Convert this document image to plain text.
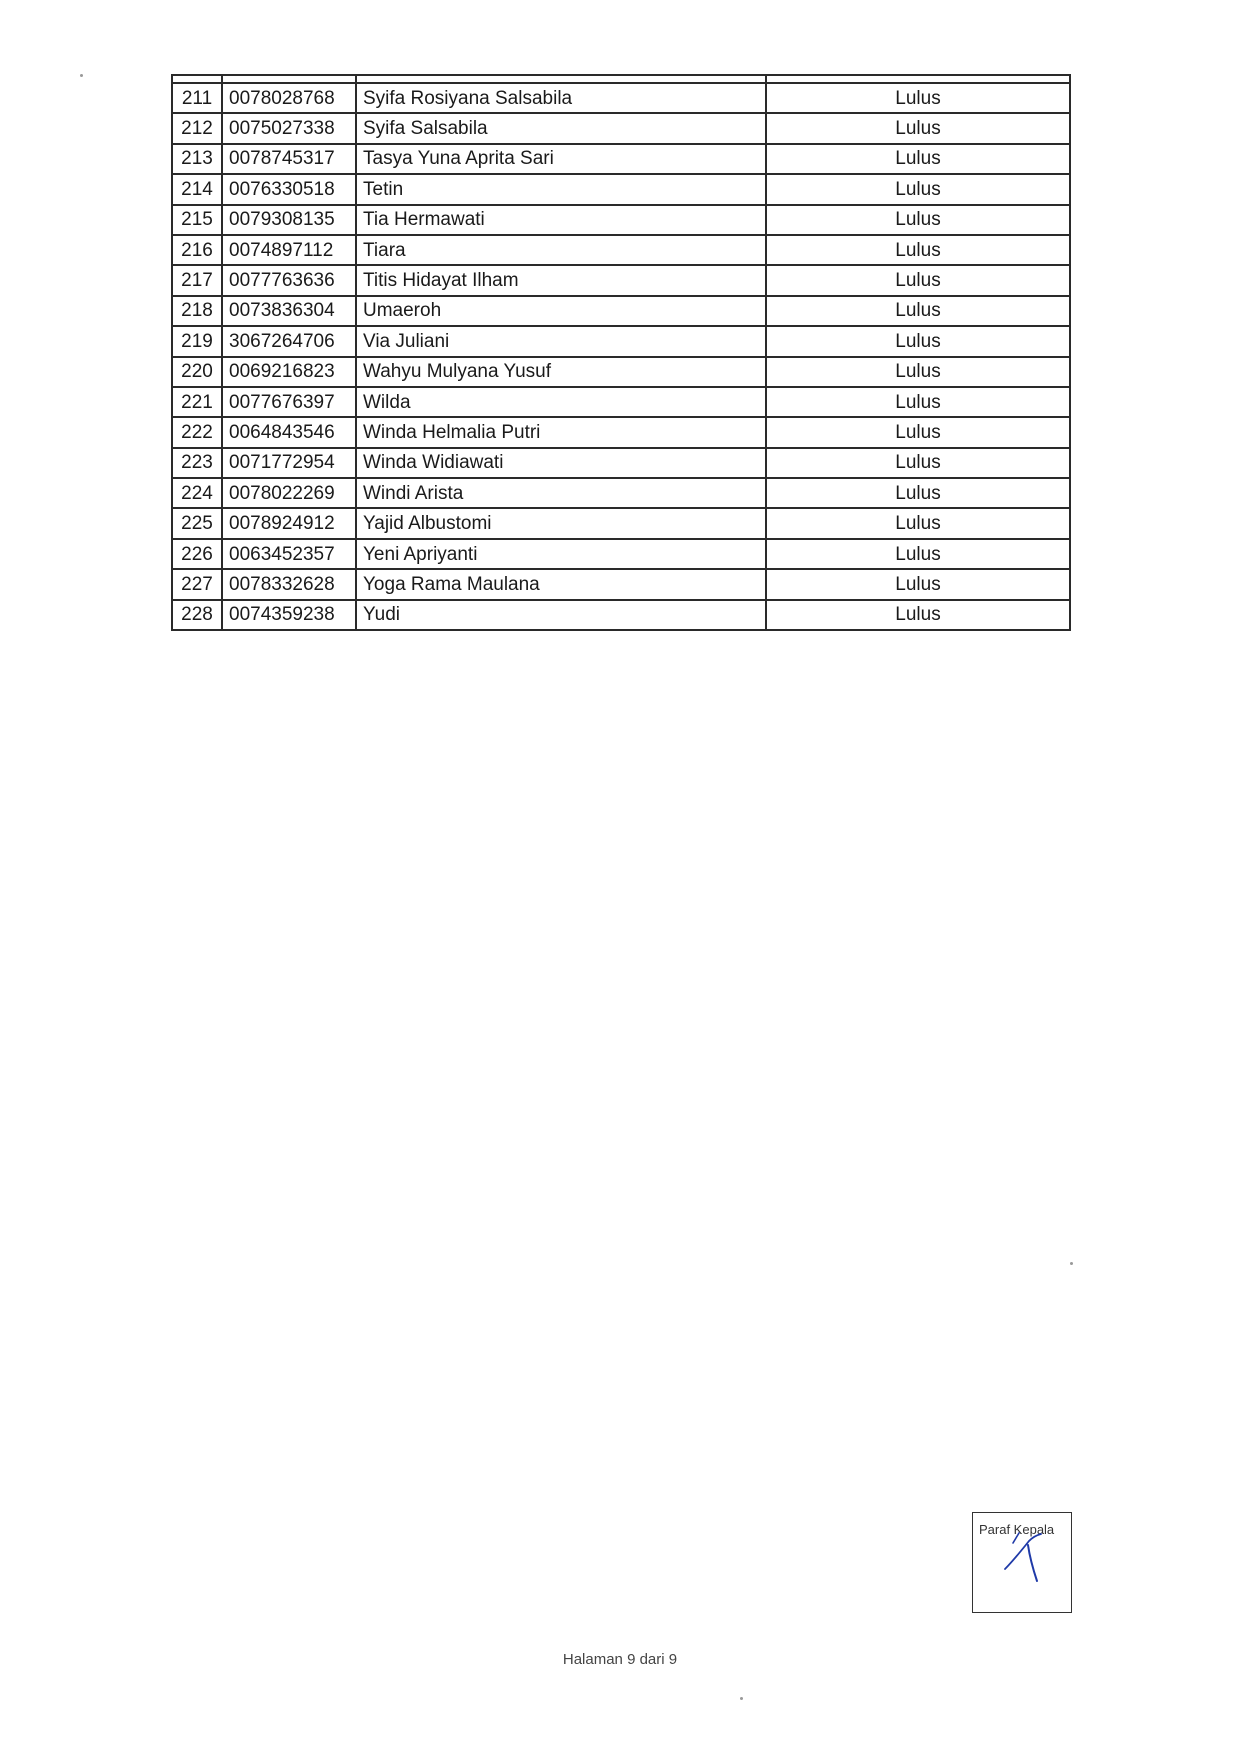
211	0078028768	Syifa Rosiyana Salsabila	Lulus
212	0075027338	Syifa Salsabila	Lulus
213	0078745317	Tasya Yuna Aprita Sari	Lulus
214	0076330518	Tetin	Lulus
215	0079308135	Tia Hermawati	Lulus
216	0074897112	Tiara	Lulus
217	0077763636	Titis Hidayat Ilham	Lulus
218	0073836304	Umaeroh	Lulus
219	3067264706	Via Juliani	Lulus
220	0069216823	Wahyu Mulyana Yusuf	Lulus
221	0077676397	Wilda	Lulus
222	0064843546	Winda Helmalia Putri	Lulus
223	0071772954	Winda Widiawati	Lulus
224	0078022269	Windi Arista	Lulus
225	0078924912	Yajid Albustomi	Lulus
226	0063452357	Yeni Apriyanti	Lulus
227	0078332628	Yoga Rama Maulana	Lulus
228	0074359238	Yudi	Lulus
Paraf Kepala
Halaman 9 dari 9
